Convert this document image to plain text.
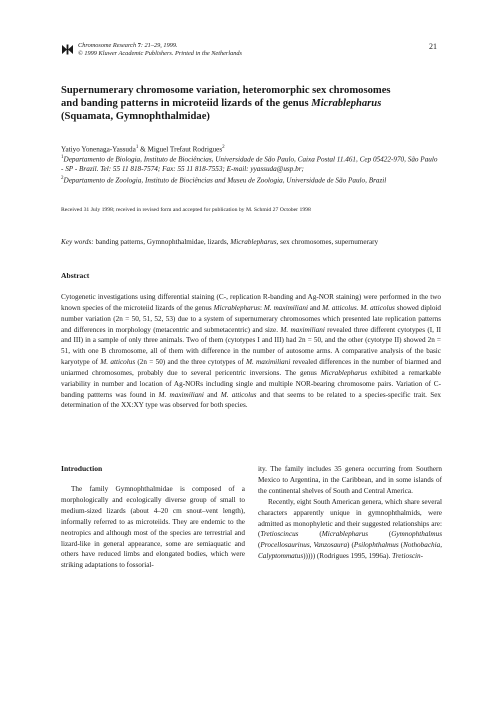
Chromosome Research 7: 21–29, 1999.
© 1999 Kluwer Academic Publishers. Printed in the Netherlands
21
Supernumerary chromosome variation, heteromorphic sex chromosomes
and banding patterns in microteiid lizards of the genus Micrablepharus
(Squamata, Gymnophthalmidae)
Yatiyo Yonenaga-Yassuda$^1$ & Miguel Trefaut Rodrigues$^2$
$^1$Departamento de Biologia, Instituto de Biociências, Universidade de São Paulo, Caixa Postal 11.461, Cep 05422-970, São Paulo - SP - Brazil. Tel: 55 11 818-7574; Fax: 55 11 818-7553; E-mail: yyassuda@usp.br;
$^2$Departamento de Zoologia, Instituto de Biociências and Museu de Zoologia, Universidade de São Paulo, Brazil
Received 31 July 1998; received in revised form and accepted for publication by M. Schmid 27 October 1998
Key words: banding patterns, Gymnophthalmidae, lizards, Micrablepharus, sex chromosomes, supernumerary
Abstract
Cytogenetic investigations using differential staining (C-, replication R-banding and Ag-NOR staining) were performed in the two known species of the microteiid lizards of the genus Micrablepharus: M. maximiliani and M. atticolus. M. atticolus showed diploid number variation (2n = 50, 51, 52, 53) due to a system of supernumerary chromosomes which presented late replication patterns and differences in morphology (metacentric and submetacentric) and size. M. maximiliani revealed three different cytotypes (I, II and III) in a sample of only three animals. Two of them (cytotypes I and III) had 2n = 50, and the other (cytotype II) showed 2n = 51, with one B chromosome, all of them with difference in the number of autosome arms. A comparative analysis of the basic karyotype of M. atticolus (2n = 50) and the three cytotypes of M. maximiliani revealed differences in the number of biarmed and uniarmed chromosomes, probably due to several pericentric inversions. The genus Micrablepharus exhibited a remarkable variability in number and location of Ag-NORs including single and multiple NOR-bearing chromosome pairs. Variation of C-banding pattterns was found in M. maximiliani and M. atticolus and that seems to be related to a species-specific trait. Sex determination of the XX:XY type was observed for both species.
Introduction

The family Gymnophthalmidae is composed of a morphologically and ecologically diverse group of small to medium-sized lizards (about 4–20 cm snout–vent length), informally referred to as microteiids. They are endemic to the neotropics and although most of the species are terrestrial and lizard-like in general appearance, some are semiaquatic and others have reduced limbs and elongated bodies, which were striking adaptations to fossorial-

ity. The family includes 35 genera occurring from Southern Mexico to Argentina, in the Caribbean, and in some islands of the continental shelves of South and Central America.

Recently, eight South American genera, which share several characters apparently unique in gymnophthalmids, were admitted as monophyletic and their suggested relationships are: (Tretioscincus (Micrablepharus (Gymnophthalmus (Procellosaurinus, Vanzosaura) (Psilophthalmus (Nothobachia, Calyptommatus))))) (Rodrigues 1995, 1996a). Tretioscin-
